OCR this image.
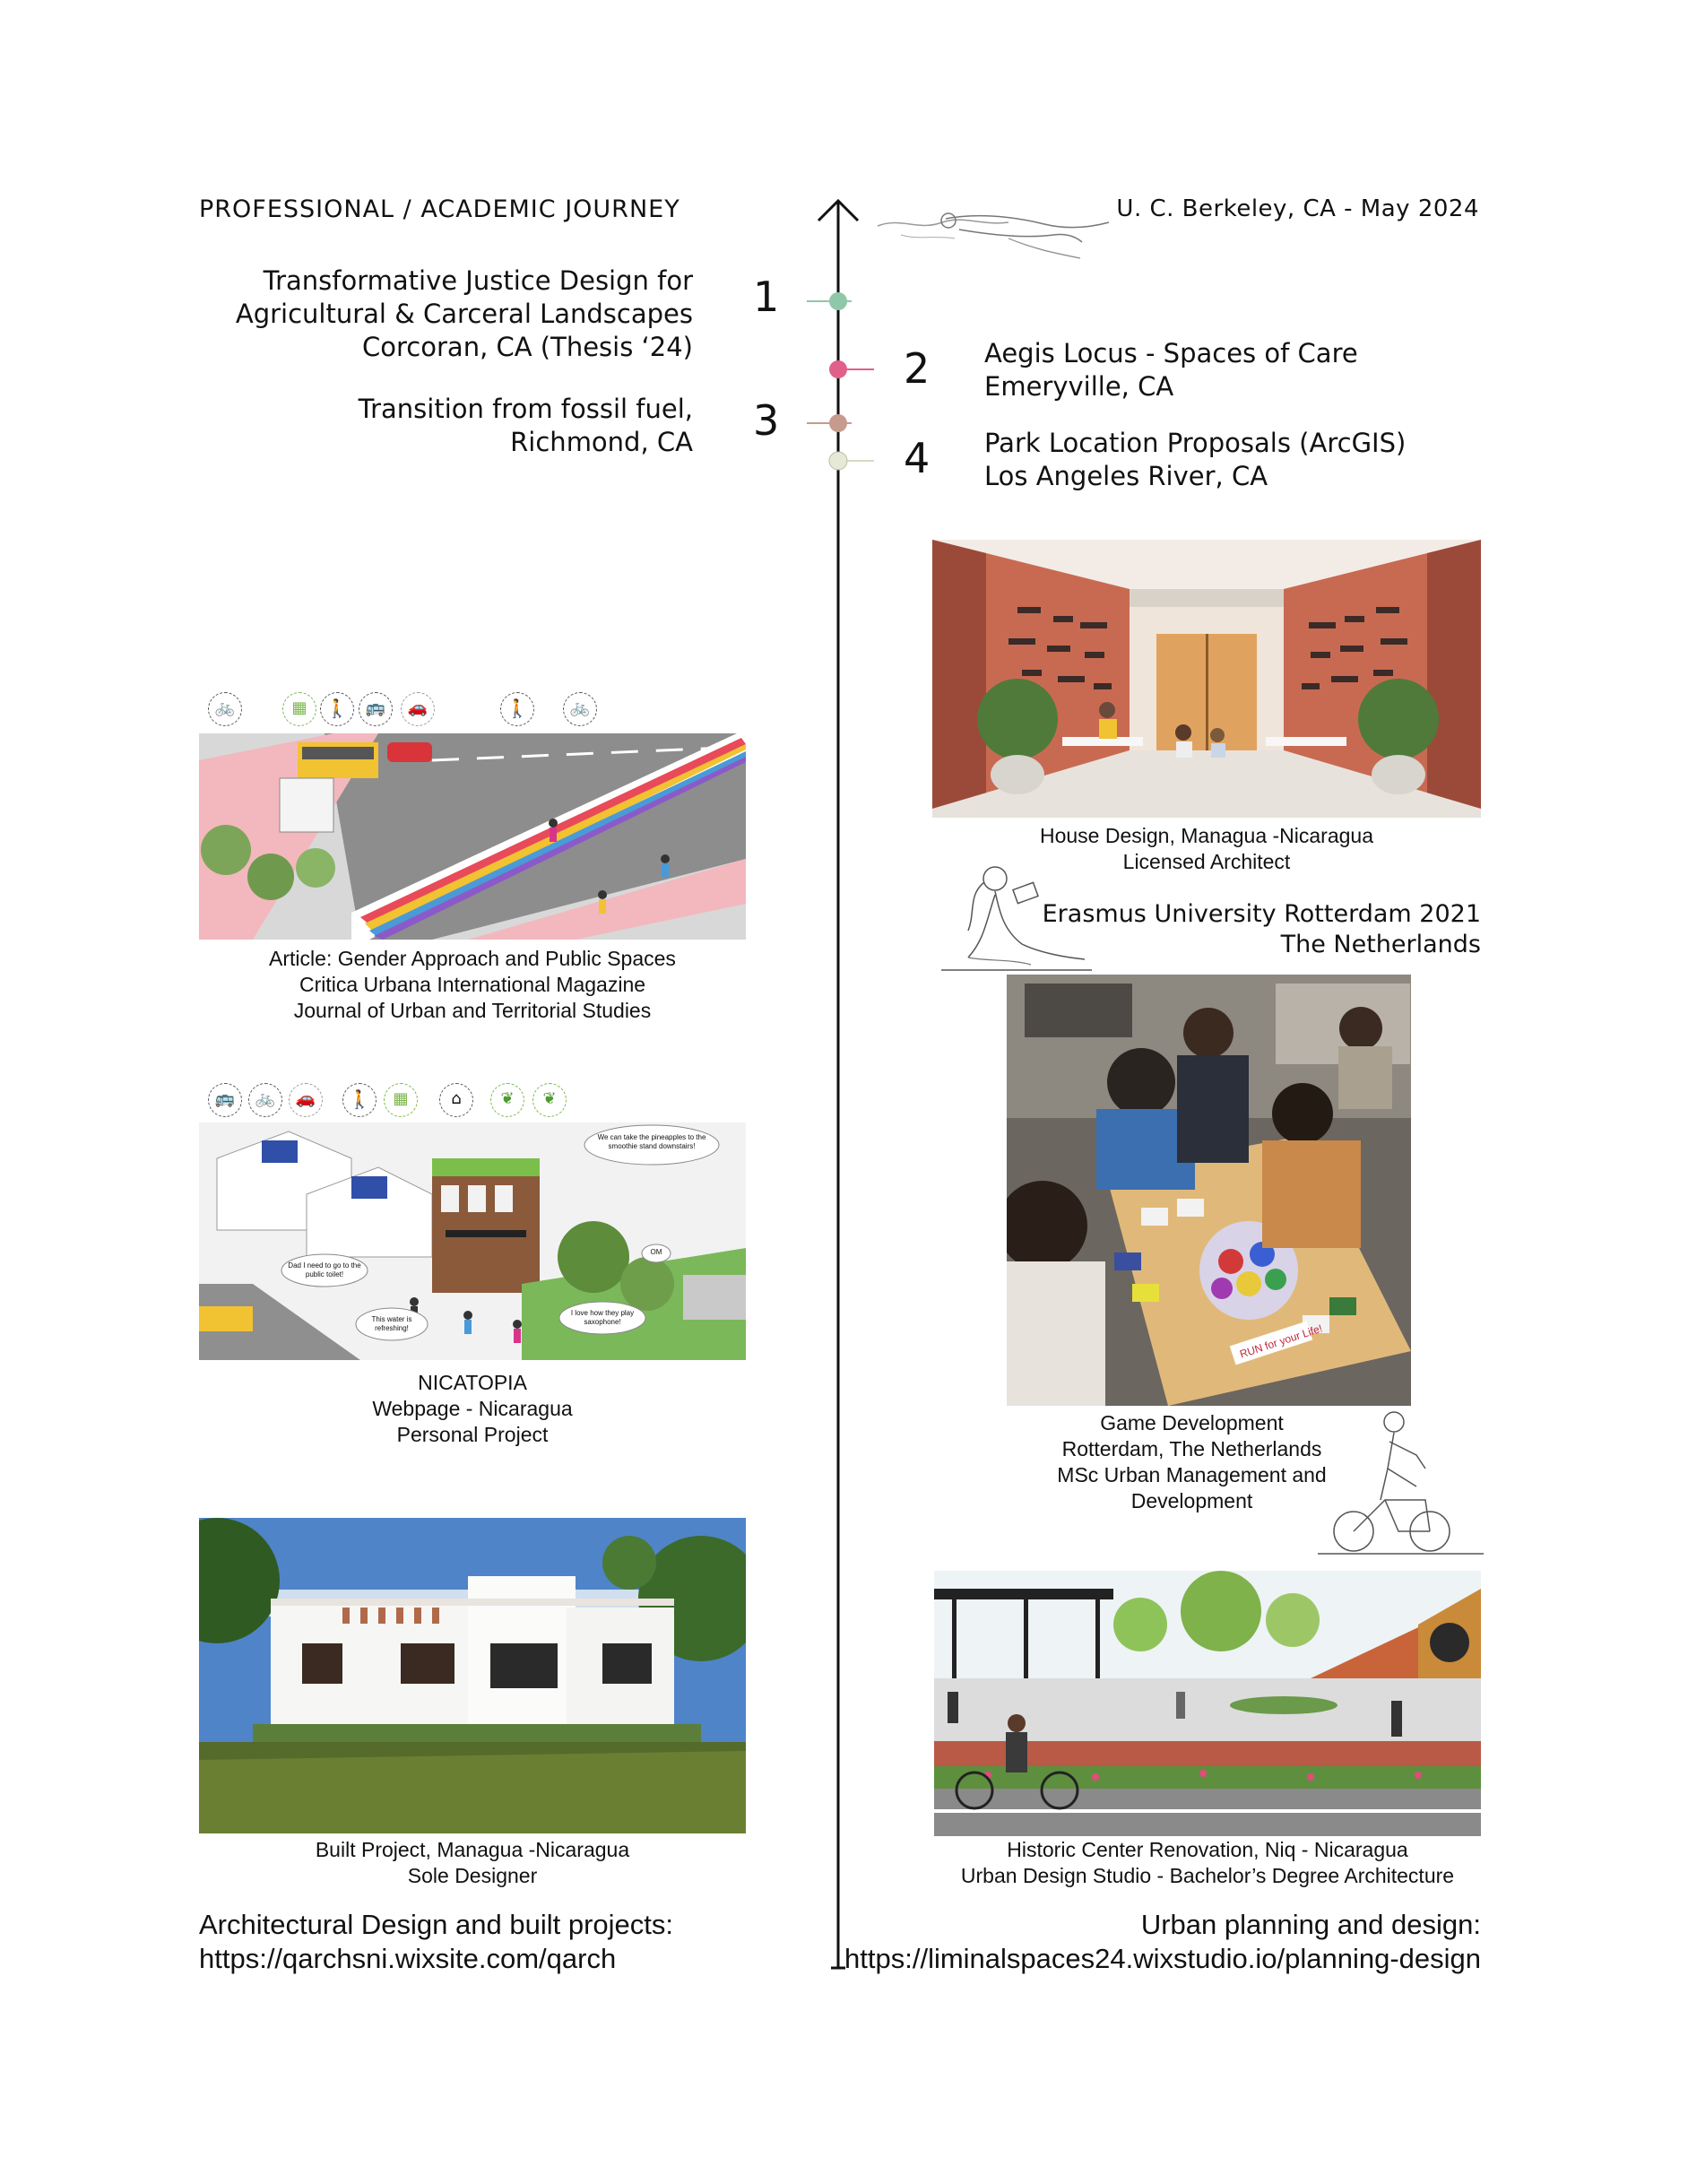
PROFESSIONAL / ACADEMIC JOURNEY	U. C. Berkeley, CA - May 2024
Transformative Justice Design for
Agricultural & Carceral Landscapes
Corcoran, CA (Thesis ‘24)
1
Aegis Locus - Spaces of Care
Emeryville, CA
2
Transition from fossil fuel,
Richmond, CA 3	Park Location Proposals (ArcGIS)
Los Angeles River, CA
4
House Design, Managua -Nicaragua
Licensed Architect
Erasmus University Rotterdam 2021
The Netherlands
RUN for your Life!
Game Development
Rotterdam, The Netherlands
MSc Urban Management and
Development
Historic Center Renovation, Niq - Nicaragua
Urban Design Studio - Bachelor’s Degree Architecture
🚲	▦	🚶	🚌	🚗	🚶	🚲
Article: Gender Approach and Public Spaces
Critica Urbana International Magazine
Journal of Urban and Territorial Studies
🚌	🚲	🚗	🚶	▦	⌂	❦	❦
We can take the pineapples to the smoothie stand downstairs!
Dad I need to go to the public toilet!
This water is refreshing!
I love how they play saxophone!
OM
NICATOPIA
Webpage - Nicaragua
Personal Project
Built Project, Managua -Nicaragua
Sole Designer
Architectural Design and built projects:
https://qarchsni.wixsite.com/qarch
Urban planning and design:
https://liminalspaces24.wixstudio.io/planning-design
